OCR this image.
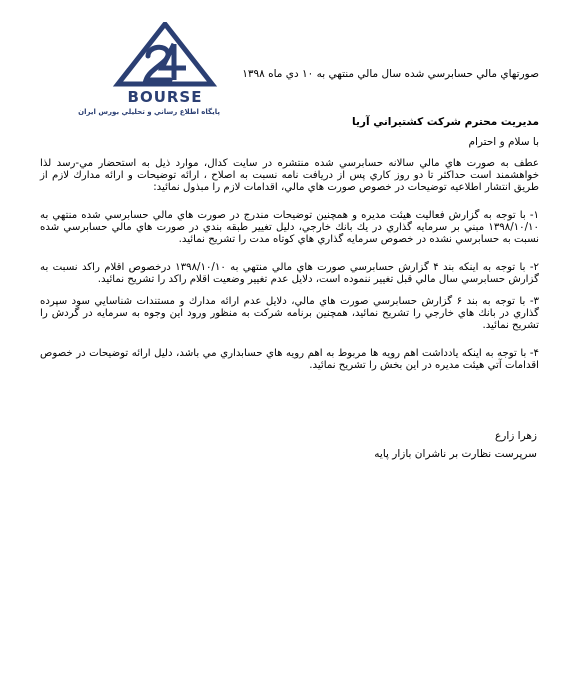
BOURSE
پايگاه اطلاع رساني و تحليلي بورس ايران
صورتهاي مالي حسابرسي شده سال مالي منتهي به ۱۰ دي ماه ۱۳۹۸
مديريت محترم شركت كشتيراني آريا
با سلام و احترام
عطف به صورت هاي مالي سالانه حسابرسي شده منتشره در سايت كدال، موارد ذيل به استحضار مي-رسد لذا خواهشمند است حداكثر تا دو روز كاري پس از دريافت نامه نسبت به اصلاح ، ارائه توضيحات و ارائه مدارك لازم از طريق انتشار اطلاعيه توضيحات در خصوص صورت هاي مالي، اقدامات لازم را مبذول نمائيد:
۱- با توجه به گزارش فعاليت هيئت مديره و همچنين توضيحات مندرج در صورت هاي مالي حسابرسي شده منتهي به ۱۳۹۸/۱۰/۱۰ مبني بر سرمايه گذاري در يك بانك خارجي، دليل تغيير طبقه بندي در صورت هاي مالي حسابرسي شده نسبت به حسابرسي نشده در خصوص سرمايه گذاري هاي كوتاه مدت را تشريح نمائيد.
۲- با توجه به اينكه بند ۴ گزارش حسابرسي صورت هاي مالي منتهي به ۱۳۹۸/۱۰/۱۰ درخصوص اقلام راكد نسبت به گزارش حسابرسي سال مالي قبل تغيير ننموده است، دلايل عدم تغيير وضعيت اقلام راكد را تشريح نمائيد.
۳- با توجه به بند ۶ گزارش حسابرسي صورت هاي مالي، دلايل عدم ارائه مدارك و مستندات شناسايي سود سپرده گذاري در بانك هاي خارجي را تشريح نمائيد، همچنين برنامه شركت به منظور ورود اين وجوه به سرمايه در گردش را تشريح نمائيد.
۴- با توجه به اينكه يادداشت اهم رويه ها مربوط به اهم رويه هاي حسابداري مي باشد، دليل ارائه توضيحات در خصوص اقدامات آتي هيئت مديره در اين بخش را تشريح نمائيد.
زهرا زارع
سرپرست نظارت بر ناشران بازار پايه
